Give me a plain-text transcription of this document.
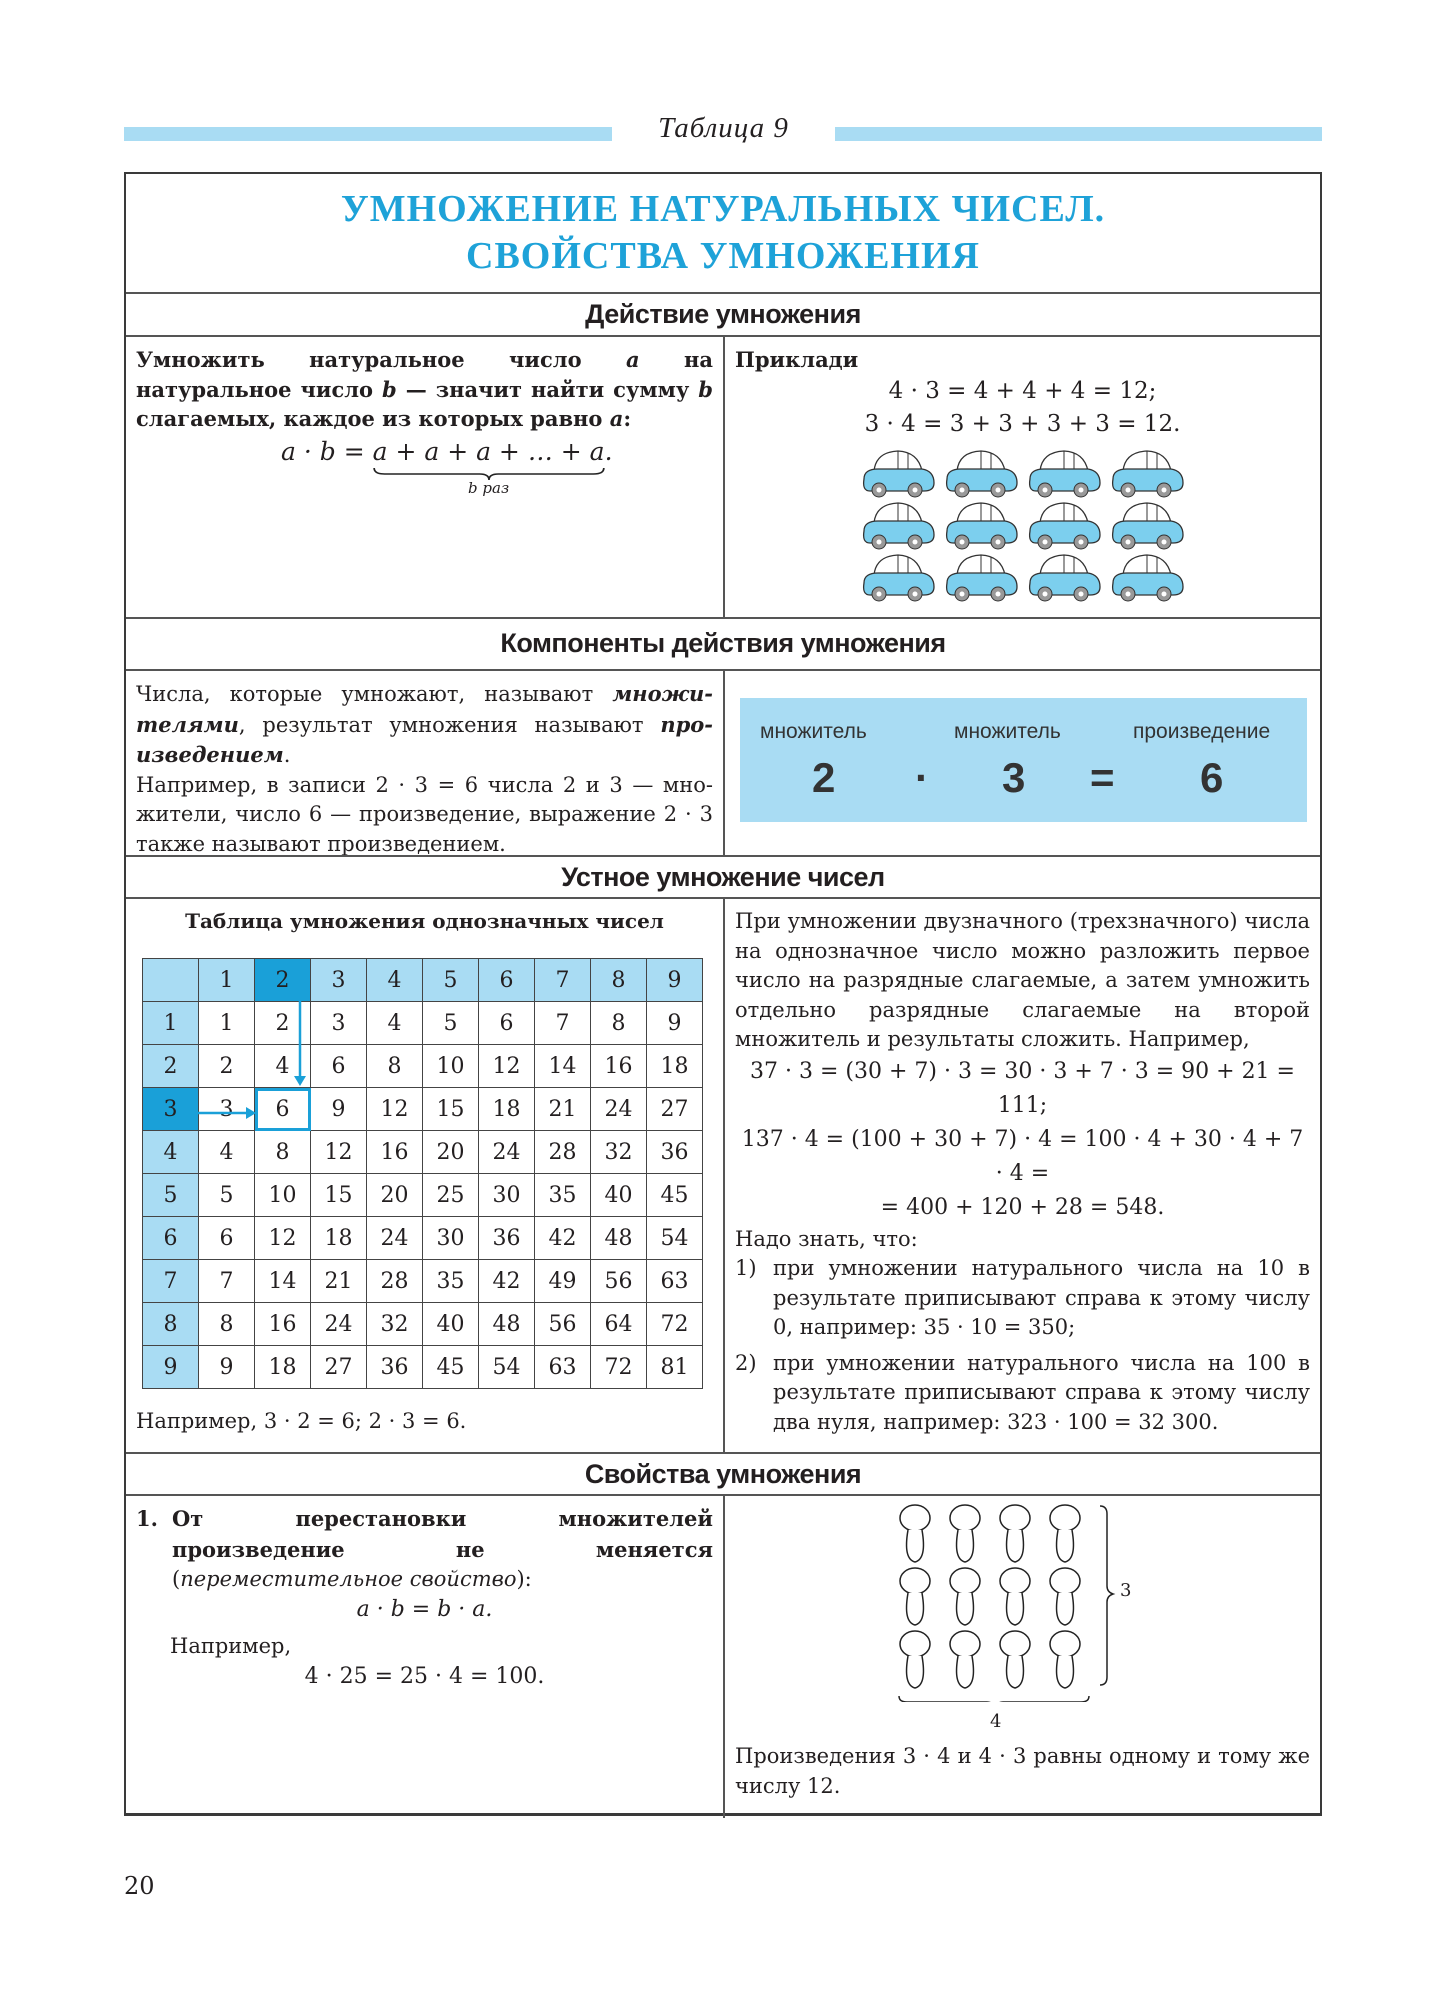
Таблица 9
УМНОЖЕНИЕ НАТУРАЛЬНЫХ ЧИСЕЛ.
СВОЙСТВА УМНОЖЕНИЯ
Действие умножения

Умножить натуральное число a на натуральное число b — значит найти сумму b слагаемых, каждое из которых равно a:

a · b = a + a + a + … + a
b раз
.

Приклади

4 · 3 = 4 + 4 + 4 = 12;

3 · 4 = 3 + 3 + 3 + 3 = 12.

Компоненты действия умножения

Числа, которые умножают, называют множителями, результат умножения называют произведением.

Например, в записи 2 · 3 = 6 числа 2 и 3 — множители, число 6 — произведение, выражение 2 · 3 также называют произведением.

множитель	множитель	произведение
2 · 3 = 6
Устное умножение чисел

Таблица умножения однозначных чисел

	1	2	3	4	5	6	7	8	9
1	1	2	3	4	5	6	7	8	9
2	2	4	6	8	10	12	14	16	18
3	3	6	9	12	15	18	21	24	27
4	4	8	12	16	20	24	28	32	36
5	5	10	15	20	25	30	35	40	45
6	6	12	18	24	30	36	42	48	54
7	7	14	21	28	35	42	49	56	63
8	8	16	24	32	40	48	56	64	72
9	9	18	27	36	45	54	63	72	81

Например, 3 · 2 = 6; 2 · 3 = 6.

При умножении двузначного (трехзначного) числа на однозначное число можно разложить первое число на разрядные слагаемые, а затем умножить отдельно разрядные слагаемые на второй множитель и результаты сложить. Например,

37 · 3 = (30 + 7) · 3 = 30 · 3 + 7 · 3 = 90 + 21 = 111;

137 · 4 = (100 + 30 + 7) · 4 = 100 · 4 + 30 · 4 + 7 · 4 =

= 400 + 120 + 28 = 548.

Надо знать, что:

1) при умножении натурального числа на 10 в результате приписывают справа к этому числу 0, например: 35 · 10 = 350;
2) при умножении натурального числа на 100 в результате приписывают справа к этому числу два нуля, например: 323 · 100 = 32 300.
Свойства умножения
1. От перестановки множителей произведение не меняется (переместительное свойство):

a · b = b · a.

Например,

4 · 25 = 25 · 4 = 100.

3
4

Произведения 3 · 4 и 4 · 3 равны одному и тому же числу 12.

20
